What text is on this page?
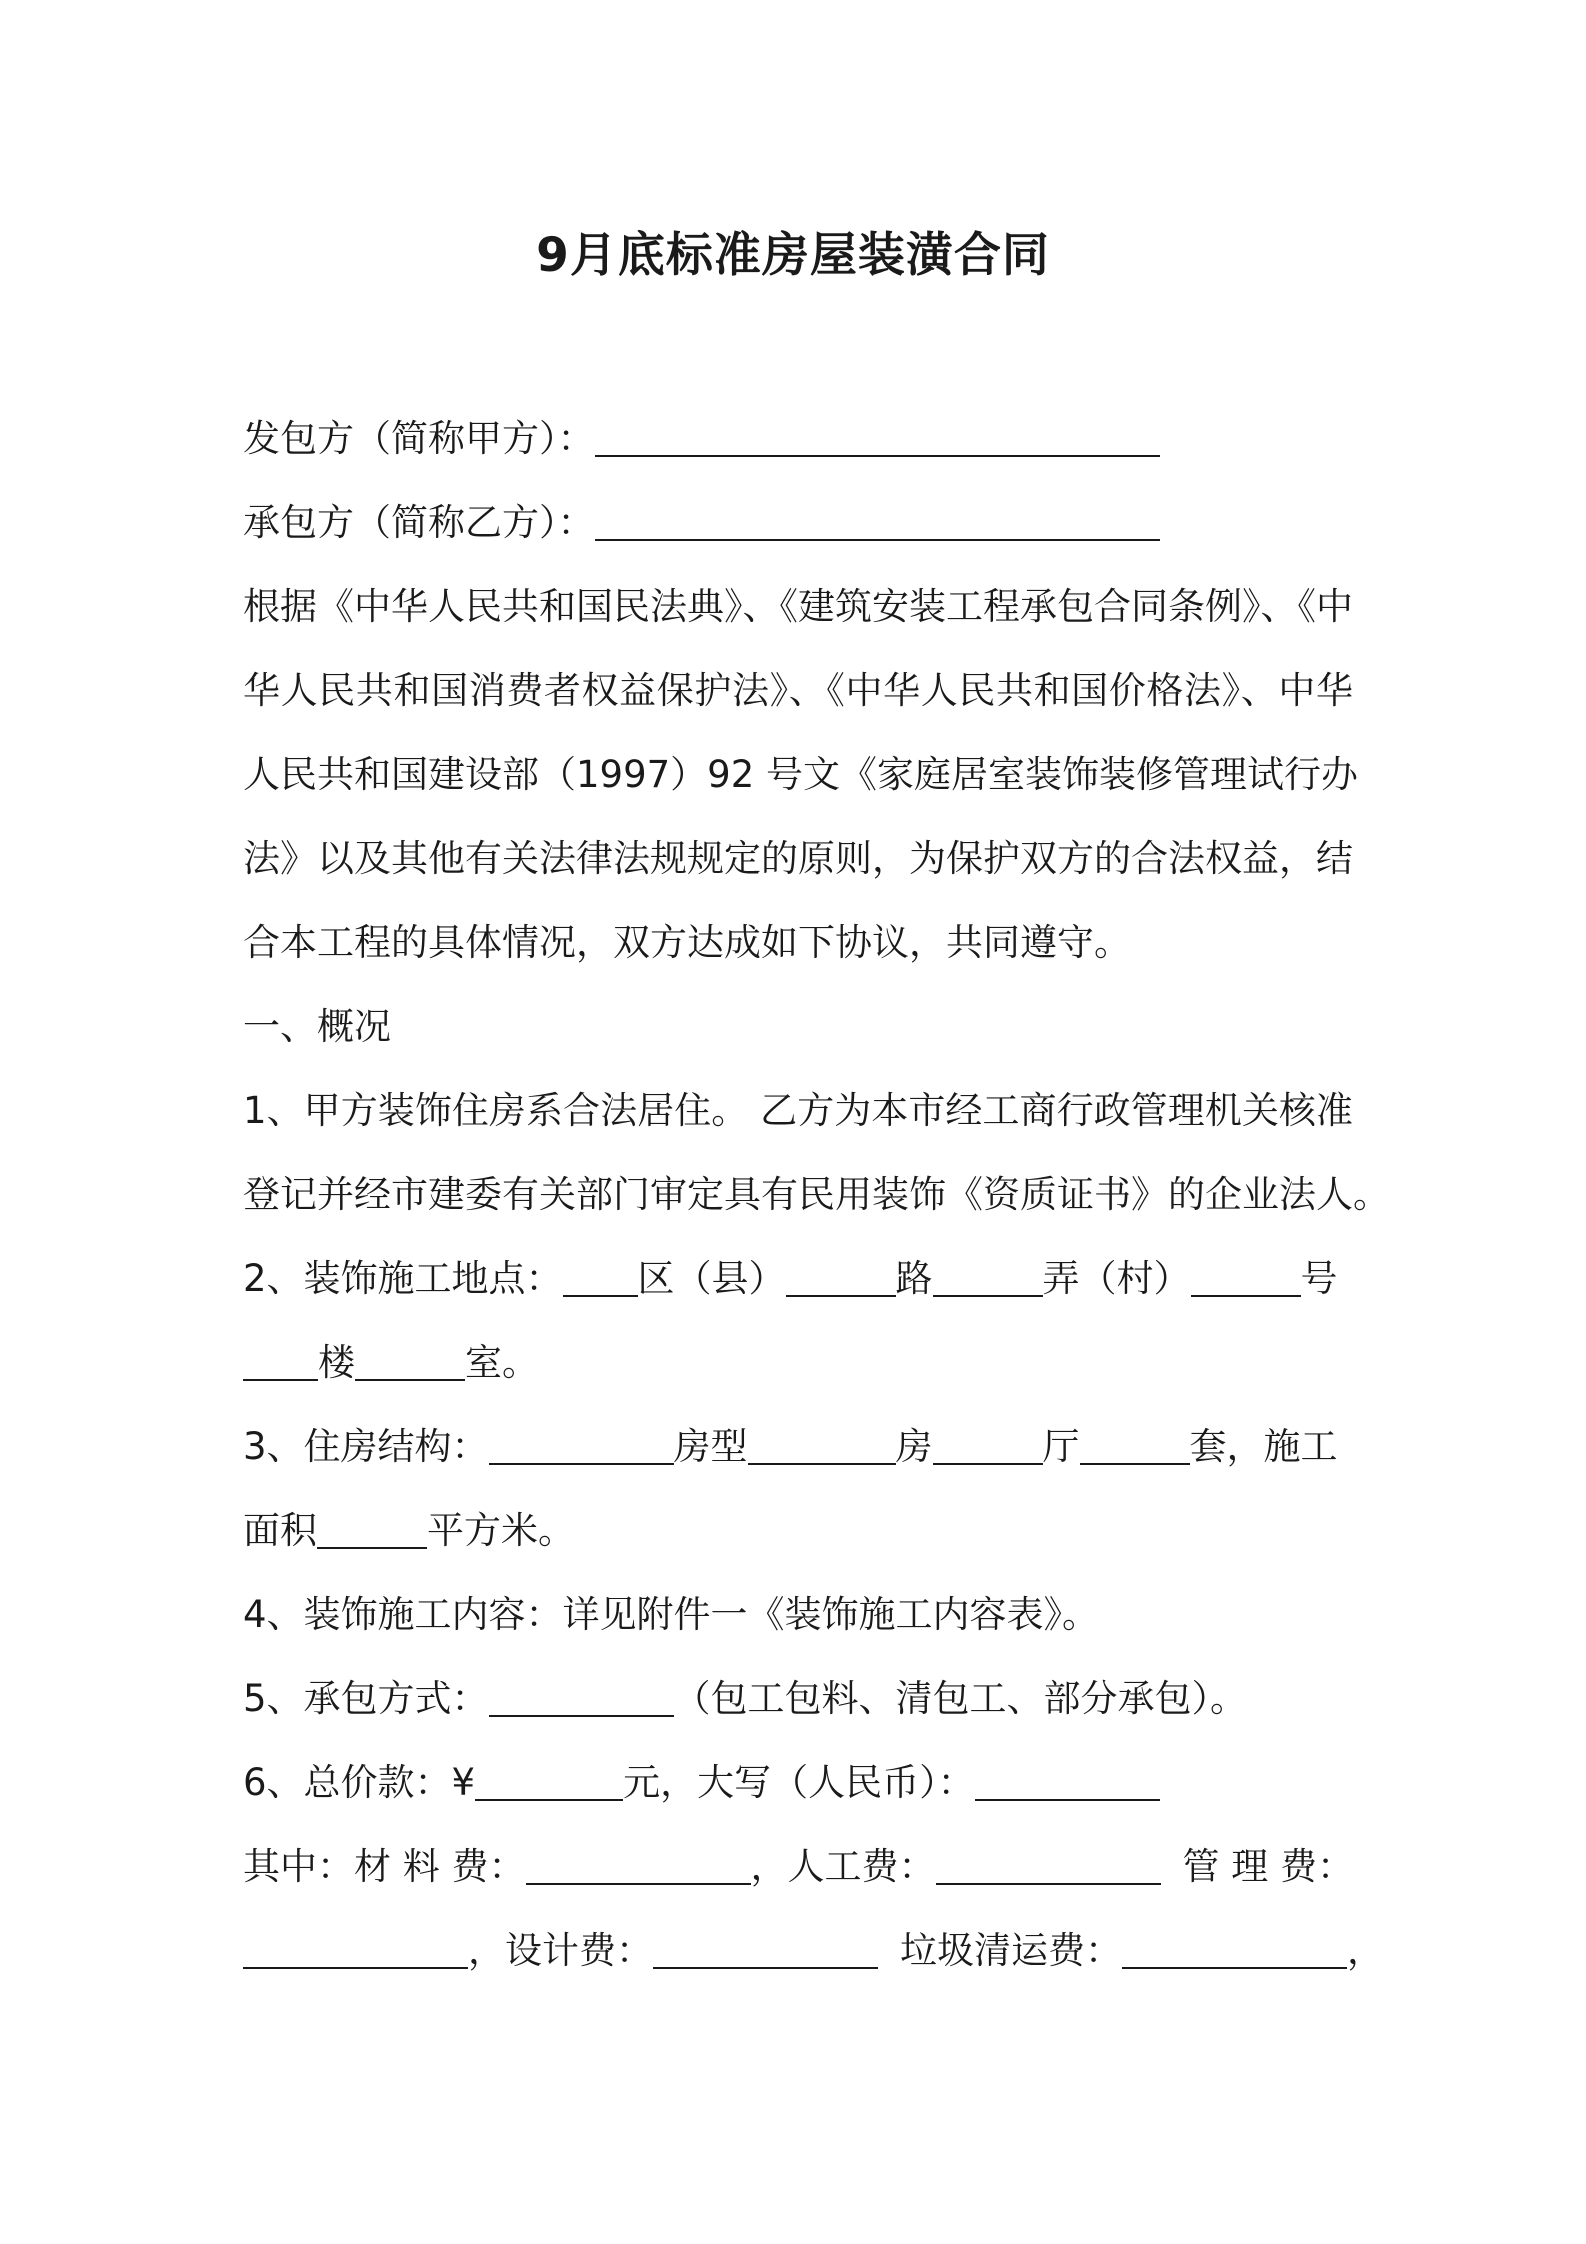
9月底标准房屋装潢合同
发包方（简称甲方）：
承包方（简称乙方）：
根据《中华人民共和国民法典》、《建筑安装工程承包合同条例》、《中
华人民共和国消费者权益保护法》、《中华人民共和国价格法》、中华
人民共和国建设部（1997）92 号文《家庭居室装饰装修管理试行办
法》以及其他有关法律法规规定的原则，为保护双方的合法权益，结
合本工程的具体情况，双方达成如下协议，共同遵守。
一、概况
1、甲方装饰住房系合法居住。 乙方为本市经工商行政管理机关核准
登记并经市建委有关部门审定具有民用装饰《资质证书》的企业法人。
2、装饰施工地点： 区（县）	路	弄（村）	号
楼	室。
3、住房结构：	房型	房	厅	套，施工
面积	平方米。
4、装饰施工内容：详见附件一《装饰施工内容表》。
5、承包方式：	（包工包料、清包工、部分承包）。
6、总价款：¥	元，大写（人民币）：
其中：材 料 费：	，人工费：	管 理 费：
，设计费：	垃圾清运费：	，
